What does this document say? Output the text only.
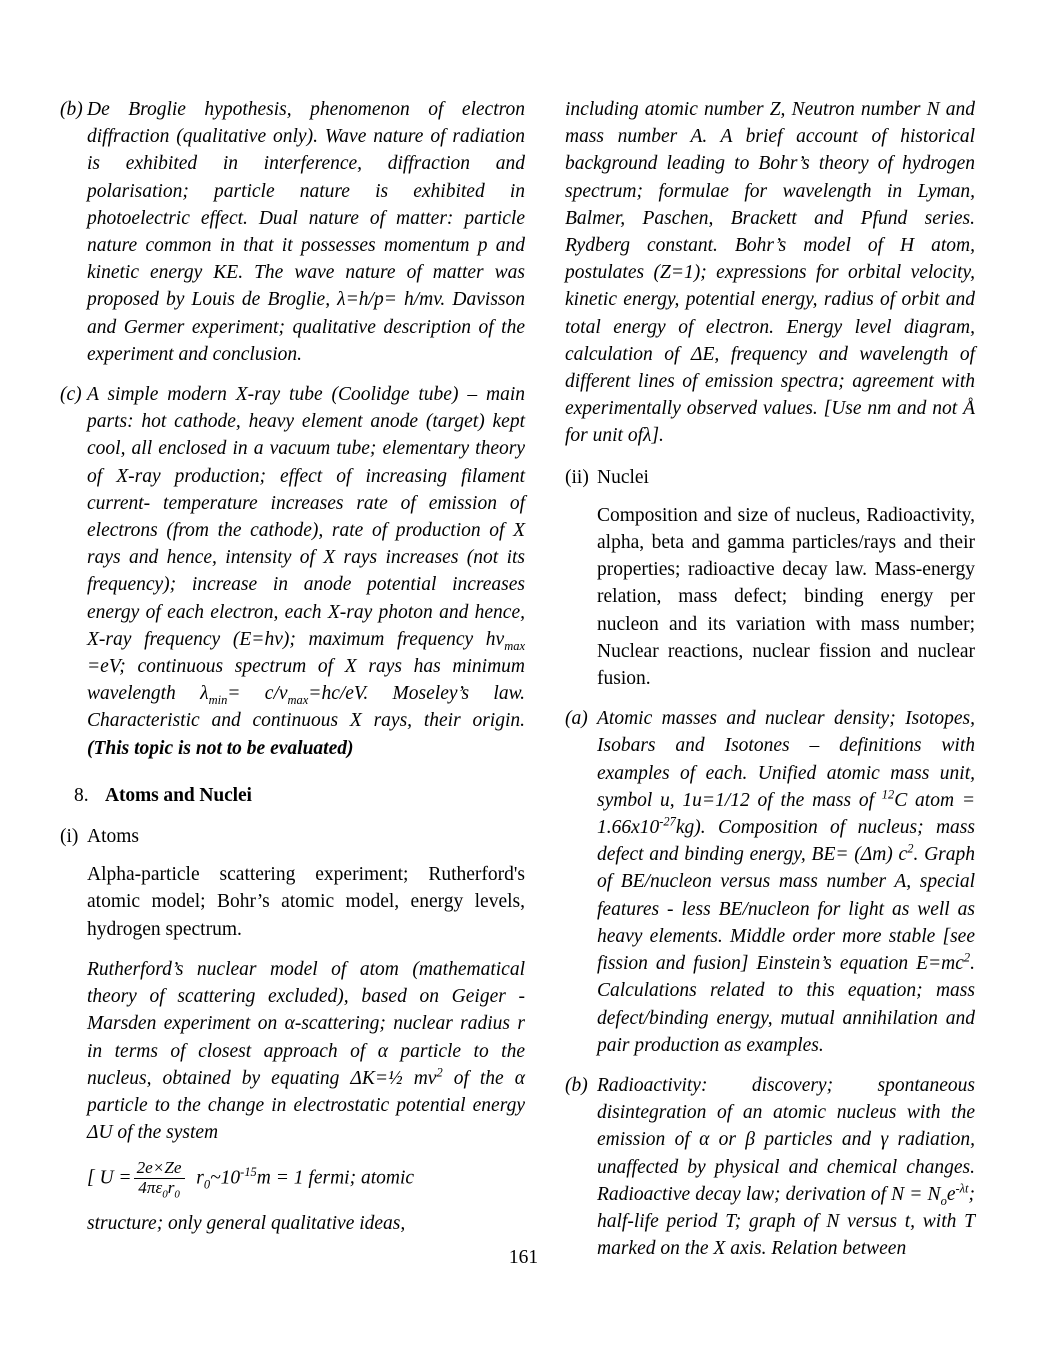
(b) De Broglie hypothesis, phenomenon of electron diffraction (qualitative only). Wave nature of radiation is exhibited in interference, diffraction and polarisation; particle nature is exhibited in photoelectric effect. Dual nature of matter: particle nature common in that it possesses momentum p and kinetic energy KE. The wave nature of matter was proposed by Louis de Broglie, λ=h/p= h/mv. Davisson and Germer experiment; qualitative description of the experiment and conclusion.
(c) A simple modern X-ray tube (Coolidge tube) – main parts: hot cathode, heavy element anode (target) kept cool, all enclosed in a vacuum tube; elementary theory of X-ray production; effect of increasing filament current- temperature increases rate of emission of electrons (from the cathode), rate of production of X rays and hence, intensity of X rays increases (not its frequency); increase in anode potential increases energy of each electron, each X-ray photon and hence, X-ray frequency (E=hν); maximum frequency $h\nu_{max} =eV$; continuous spectrum of X rays has minimum wavelength $\lambda_{min}= c/\nu_{max}=hc/eV$. Moseley’s law. Characteristic and continuous X rays, their origin.(This topic is not to be evaluated)
8. Atoms and Nuclei
(i) Atoms
Alpha-particle scattering experiment; Rutherford's atomic model; Bohr’s atomic model, energy levels, hydrogen spectrum.
Rutherford’s nuclear model of atom (mathematical theory of scattering excluded), based on Geiger - Marsden experiment on α-scattering; nuclear radius r in terms of closest approach of α particle to the nucleus, obtained by equating ΔK=½ $mv^2$ of the α particle to the change in electrostatic potential energy ΔU of the system
[ $U = \frac{2e\times Ze}{4\pi\varepsilon_0r_0}$ $r_0\sim 10^{-15}m = 1$ fermi; atomic
structure; only general qualitative ideas,
including atomic number Z, Neutron number N and mass number A. A brief account of historical background leading to Bohr’s theory of hydrogen spectrum; formulae for wavelength in Lyman, Balmer, Paschen, Brackett and Pfund series. Rydberg constant. Bohr’s model of H atom, postulates (Z=1); expressions for orbital velocity, kinetic energy, potential energy, radius of orbit and total energy of electron. Energy level diagram, calculation of ΔE, frequency and wavelength of different lines of emission spectra; agreement with experimentally observed values. [Use nm and not Å for unit ofλ].
(ii) Nuclei
Composition and size of nucleus, Radioactivity, alpha, beta and gamma particles/rays and their properties; radioactive decay law. Mass-energy relation, mass defect; binding energy per nucleon and its variation with mass number; Nuclear reactions, nuclear fission and nuclear fusion.
(a) Atomic masses and nuclear density; Isotopes, Isobars and Isotones – definitions with examples of each. Unified atomic mass unit, symbol u, 1u=1/12 of the mass of $^{12}$C atom = $1.66x10^{-27}kg$). Composition of nucleus; mass defect and binding energy, BE= (Δm) $c^2$. Graph of BE/nucleon versus mass number A, special features - less BE/nucleon for light as well as heavy elements. Middle order more stable [see fission and fusion] Einstein’s equation $E=mc^2$. Calculations related to this equation; mass defect/binding energy, mutual annihilation and pair production as examples.
(b) Radioactivity: discovery; spontaneous disintegration of an atomic nucleus with the emission of α or β particles and γ radiation, unaffected by physical and chemical changes. Radioactive decay law; derivation of $N = N_oe^{-\lambda t}$; half-life period T; graph of N versus t, with T marked on the X axis. Relation between
161
